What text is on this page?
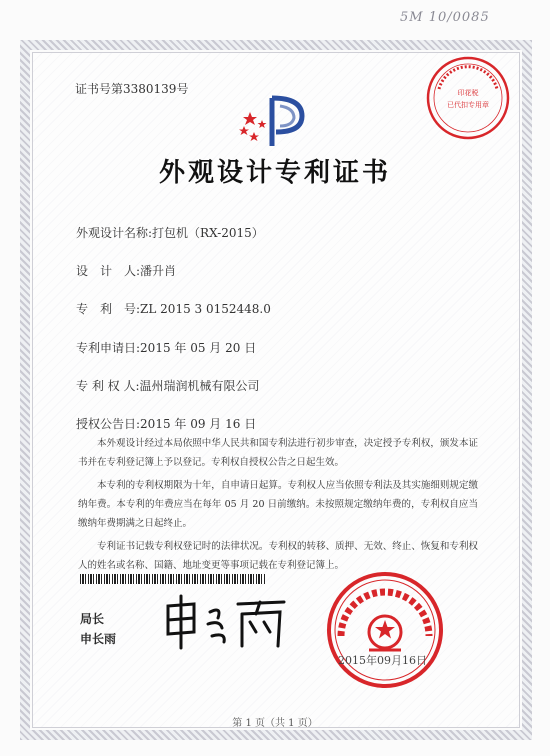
5M 10/0085
证书号第3380139号
外观设计专利证书
外观设计名称:打包机（RX-2015）
设　计　人:潘升肖
专　利　号:ZL 2015 3 0152448.0
专利申请日:2015 年 05 月 20 日
专 利 权 人:温州瑞润机械有限公司
授权公告日:2015 年 09 月 16 日

本外观设计经过本局依照中华人民共和国专利法进行初步审查，决定授予专利权，颁发本证书并在专利登记簿上予以登记。专利权自授权公告之日起生效。

本专利的专利权期限为十年，自申请日起算。专利权人应当依照专利法及其实施细则规定缴纳年费。本专利的年费应当在每年 05 月 20 日前缴纳。未按照规定缴纳年费的，专利权自应当缴纳年费期满之日起终止。

专利证书记载专利权登记时的法律状况。专利权的转移、质押、无效、终止、恢复和专利权人的姓名或名称、国籍、地址变更等事项记载在专利登记簿上。

局长
申长雨
印花税
已代扣专用章
2015年09月16日
第 1 页（共 1 页）
